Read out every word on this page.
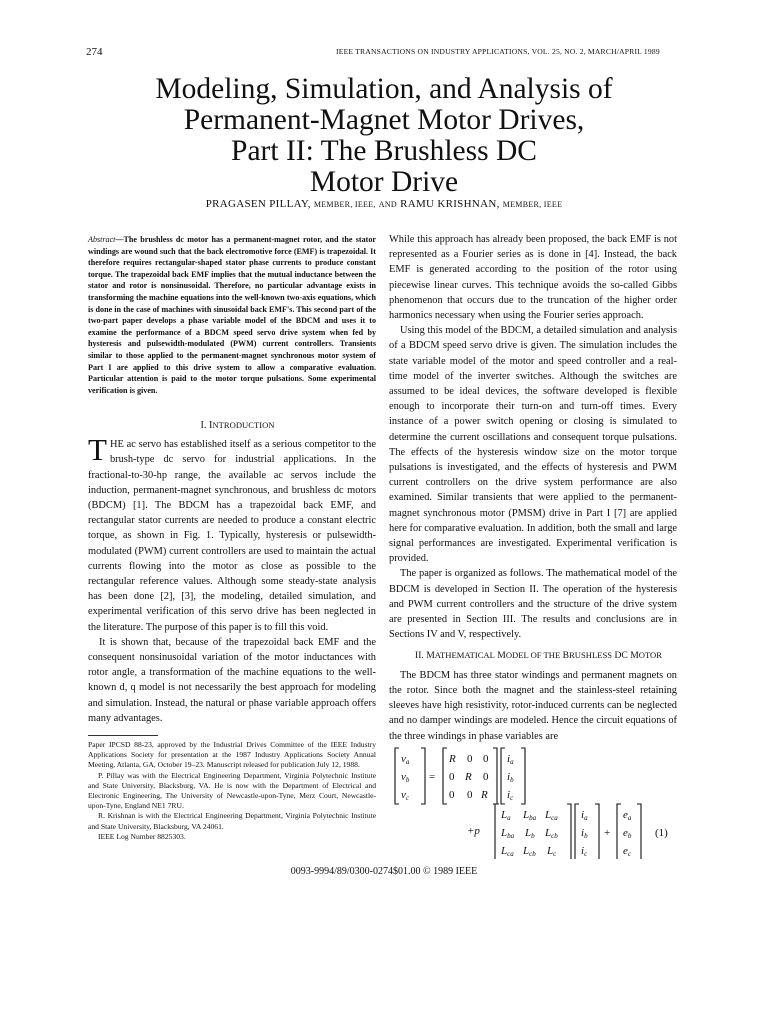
274	IEEE TRANSACTIONS ON INDUSTRY APPLICATIONS, VOL. 25, NO. 2, MARCH/APRIL 1989
Modeling, Simulation, and Analysis of
Permanent-Magnet Motor Drives,
Part II: The Brushless DC
Motor Drive
PRAGASEN PILLAY, MEMBER, IEEE, AND RAMU KRISHNAN, MEMBER, IEEE
Abstract—The brushless dc motor has a permanent-magnet rotor, and the stator windings are wound such that the back electromotive force (EMF) is trapezoidal. It therefore requires rectangular-shaped stator phase currents to produce constant torque. The trapezoidal back EMF implies that the mutual inductance between the stator and rotor is nonsinusoidal. Therefore, no particular advantage exists in transforming the machine equations into the well-known two-axis equations, which is done in the case of machines with sinusoidal back EMF's. This second part of the two-part paper develops a phase variable model of the BDCM and uses it to examine the performance of a BDCM speed servo drive system when fed by hysteresis and pulsewidth-modulated (PWM) current controllers. Transients similar to those applied to the permanent-magnet synchronous motor system of Part I are applied to this drive system to allow a comparative evaluation. Particular attention is paid to the motor torque pulsations. Some experimental verification is given.

I. INTRODUCTION

THE ac servo has established itself as a serious competitor to the brush-type dc servo for industrial applications. In the fractional-to-30-hp range, the available ac servos include the induction, permanent-magnet synchronous, and brushless dc motors (BDCM) [1]. The BDCM has a trapezoidal back EMF, and rectangular stator currents are needed to produce a constant electric torque, as shown in Fig. 1. Typically, hysteresis or pulsewidth-modulated (PWM) current controllers are used to maintain the actual currents flowing into the motor as close as possible to the rectangular reference values. Although some steady-state analysis has been done [2], [3], the modeling, detailed simulation, and experimental verification of this servo drive has been neglected in the literature. The purpose of this paper is to fill this void.

It is shown that, because of the trapezoidal back EMF and the consequent nonsinusoidal variation of the motor inductances with rotor angle, a transformation of the machine equations to the well-known d, q model is not necessarily the best approach for modeling and simulation. Instead, the natural or phase variable approach offers many advantages.

Paper IPCSD 88-23, approved by the Industrial Drives Committee of the IEEE Industry Applications Society for presentation at the 1987 Industry Applications Society Annual Meeting, Atlanta, GA, October 19–23. Manuscript released for publication July 12, 1988.

P. Pillay was with the Electrical Engineering Department, Virginia Polytechnic Institute and State University, Blacksburg, VA. He is now with the Department of Electrical and Electronic Engineering, The University of Newcastle-upon-Tyne, Merz Court, Newcastle-upon-Tyne, England NE1 7RU.

R. Krishnan is with the Electrical Engineering Department, Virginia Polytechnic Institute and State University, Blacksburg, VA 24061.

IEEE Log Number 8825303.

While this approach has already been proposed, the back EMF is not represented as a Fourier series as is done in [4]. Instead, the back EMF is generated according to the position of the rotor using piecewise linear curves. This technique avoids the so-called Gibbs phenomenon that occurs due to the truncation of the higher order harmonics necessary when using the Fourier series approach.

Using this model of the BDCM, a detailed simulation and analysis of a BDCM speed servo drive is given. The simulation includes the state variable model of the motor and speed controller and a real-time model of the inverter switches. Although the switches are assumed to be ideal devices, the software developed is flexible enough to incorporate their turn-on and turn-off times. Every instance of a power switch opening or closing is simulated to determine the current oscillations and consequent torque pulsations. The effects of the hysteresis window size on the motor torque pulsations is investigated, and the effects of hysteresis and PWM current controllers on the drive system performance are also examined. Similar transients that were applied to the permanent-magnet synchronous motor (PMSM) drive in Part I [7] are applied here for comparative evaluation. In addition, both the small and large signal performances are investigated. Experimental verification is provided.

The paper is organized as follows. The mathematical model of the BDCM is developed in Section II. The operation of the hysteresis and PWM current controllers and the structure of the drive system are presented in Section III. The results and conclusions are in Sections IV and V, respectively.

II. MATHEMATICAL MODEL OF THE BRUSHLESS DC MOTOR

The BDCM has three stator windings and permanent magnets on the rotor. Since both the magnet and the stainless-steel retaining sleeves have high resistivity, rotor-induced currents can be neglected and no damper windings are modeled. Hence the circuit equations of the three windings in phase variables are

va
vb
vc
=
R 0 0
0 R 0
0 0 R
ia
ib
ic
+p
La Lba Lca
Lba Lb Lcb
Lca Lcb Lc
ia
ib
ic
+
ea
eb
ec
(1)
0093-9994/89/0300-0274$01.00 © 1989 IEEE
